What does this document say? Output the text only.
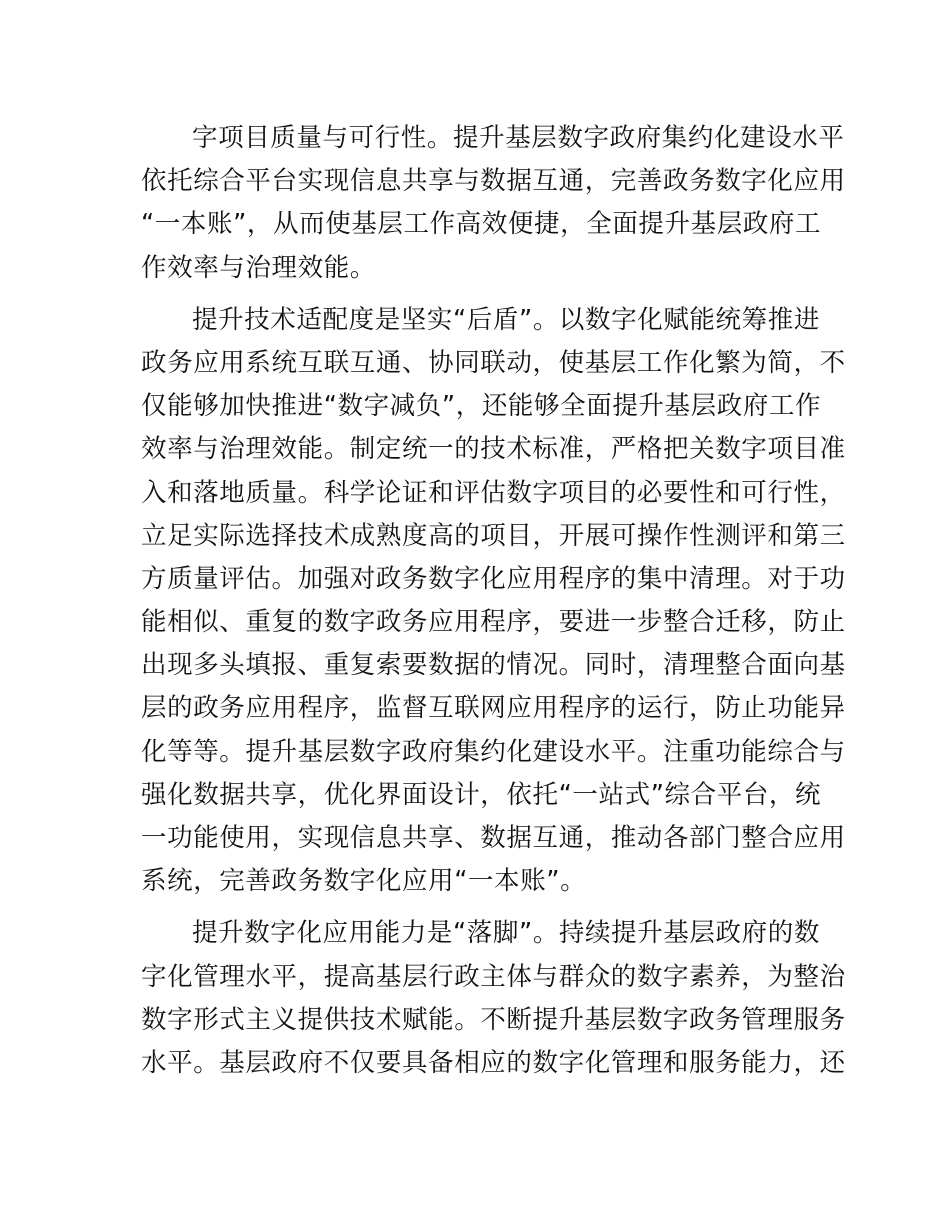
字项目质量与可行性。提升基层数字政府集约化建设水平
依托综合平台实现信息共享与数据互通，完善政务数字化应用
“一本账”，从而使基层工作高效便捷，全面提升基层政府工
作效率与治理效能。

提升技术适配度是坚实“后盾”。以数字化赋能统筹推进
政务应用系统互联互通、协同联动，使基层工作化繁为简，不
仅能够加快推进“数字减负”，还能够全面提升基层政府工作
效率与治理效能。制定统一的技术标准，严格把关数字项目准
入和落地质量。科学论证和评估数字项目的必要性和可行性，
立足实际选择技术成熟度高的项目，开展可操作性测评和第三
方质量评估。加强对政务数字化应用程序的集中清理。对于功
能相似、重复的数字政务应用程序，要进一步整合迁移，防止
出现多头填报、重复索要数据的情况。同时，清理整合面向基
层的政务应用程序，监督互联网应用程序的运行，防止功能异
化等等。提升基层数字政府集约化建设水平。注重功能综合与
强化数据共享，优化界面设计，依托“一站式”综合平台，统
一功能使用，实现信息共享、数据互通，推动各部门整合应用
系统，完善政务数字化应用“一本账”。

提升数字化应用能力是“落脚”。持续提升基层政府的数
字化管理水平，提高基层行政主体与群众的数字素养，为整治
数字形式主义提供技术赋能。不断提升基层数字政务管理服务
水平。基层政府不仅要具备相应的数字化管理和服务能力，还
